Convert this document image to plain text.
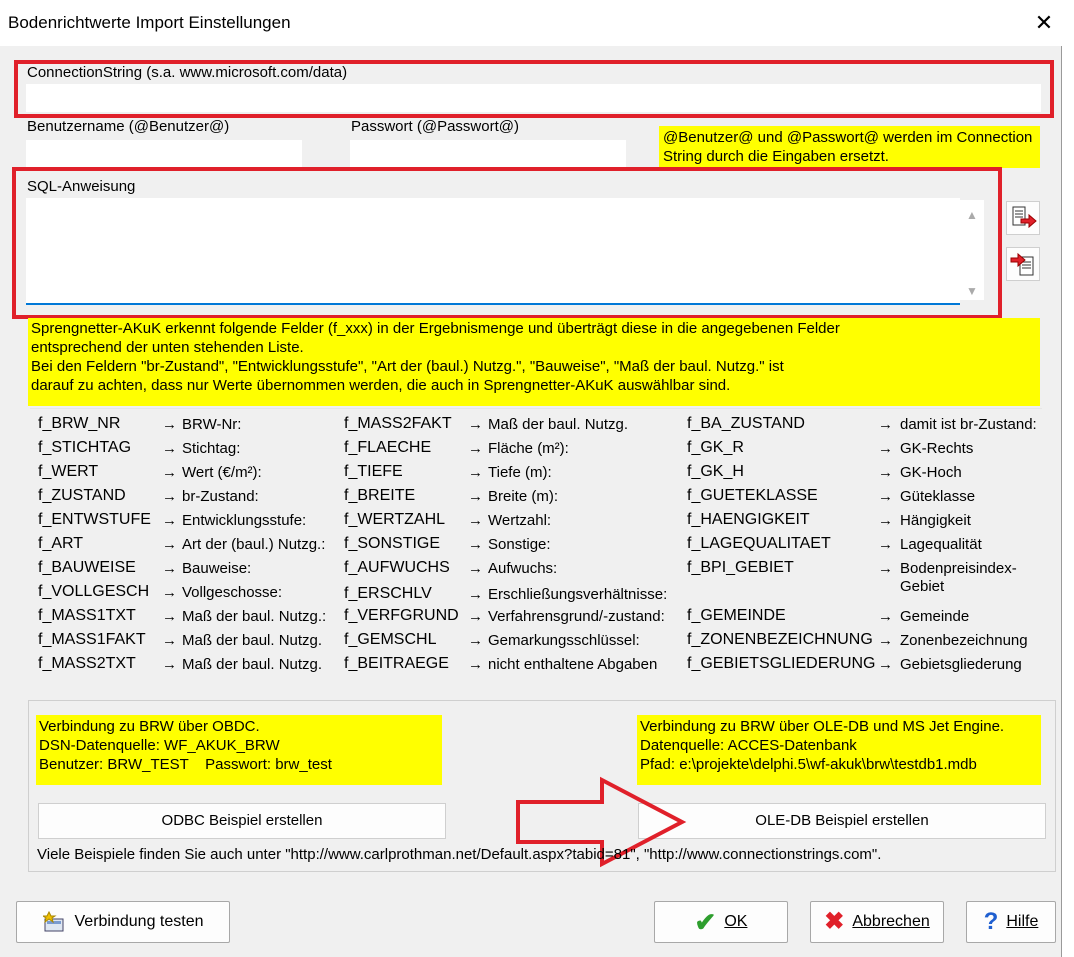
Bodenrichtwerte Import Einstellungen	✕
ConnectionString (s.a. www.microsoft.com/data)
Benutzername (@Benutzer@)	Passwort (@Passwort@)
@Benutzer@ und @Passwort@ werden im Connection String durch die Eingaben ersetzt.
SQL-Anweisung
▲
▼
Sprengnetter-AKuK erkennt folgende Felder (f_xxx) in der Ergebnismenge und überträgt diese in die angegebenen Felder
entsprechend der unten stehenden Liste.
Bei den Feldern "br-Zustand", "Entwicklungsstufe", "Art der (baul.) Nutzg.", "Bauweise", "Maß der baul. Nutzg." ist
darauf zu achten, dass nur Werte übernommen werden, die auch in Sprengnetter-AKuK auswählbar sind.
f_BRW_NR	→ BRW-Nr:
f_STICHTAG → Stichtag:
f_WERT	→ Wert (€/m²):
f_ZUSTAND → br-Zustand:
f_ENTWSTUFE → Entwicklungsstufe:
f_ART	→ Art der (baul.) Nutzg.:
f_BAUWEISE → Bauweise:
f_VOLLGESCH → Vollgeschosse:
f_MASS1TXT → Maß der baul. Nutzg.:
f_MASS1FAKT → Maß der baul. Nutzg.
f_MASS2TXT → Maß der baul. Nutzg.
f_MASS2FAKT → Maß der baul. Nutzg.
f_FLAECHE → Fläche (m²):
f_TIEFE	→ Tiefe (m):
f_BREITE	→ Breite (m):
f_WERTZAHL → Wertzahl:
f_SONSTIGE → Sonstige:
f_AUFWUCHS → Aufwuchs:
f_ERSCHLV → Erschließungsverhältnisse:
f_VERFGRUND → Verfahrensgrund/-zustand:
f_GEMSCHL → Gemarkungsschlüssel:
f_BEITRAEGE → nicht enthaltene Abgaben
f_BA_ZUSTAND	→ damit ist br-Zustand:
f_GK_R	→ GK-Rechts
f_GK_H	→ GK-Hoch
f_GUETEKLASSE	→ Güteklasse
f_HAENGIGKEIT	→ Hängigkeit
f_LAGEQUALITAET	→ Lagequalität
f_BPI_GEBIET	→ Bodenpreisindex-
Gebiet
f_GEMEINDE	→ Gemeinde
f_ZONENBEZEICHNUNG → Zonenbezeichnung
f_GEBIETSGLIEDERUNG → Gebietsgliederung
Verbindung zu BRW über OBDC.
DSN-Datenquelle: WF_AKUK_BRW
Benutzer: BRW_TEST    Passwort: brw_test
Verbindung zu BRW über OLE-DB und MS Jet Engine.
Datenquelle: ACCES-Datenbank
Pfad: e:\projekte\delphi.5\wf-akuk\brw\testdb1.mdb
ODBC Beispiel erstellen	OLE-DB Beispiel erstellen
Viele Beispiele finden Sie auch unter "http://www.carlprothman.net/Default.aspx?tabid=81", "http://www.connectionstrings.com".
Verbindung testen	✔ OK	✖ Abbrechen ? Hilfe
